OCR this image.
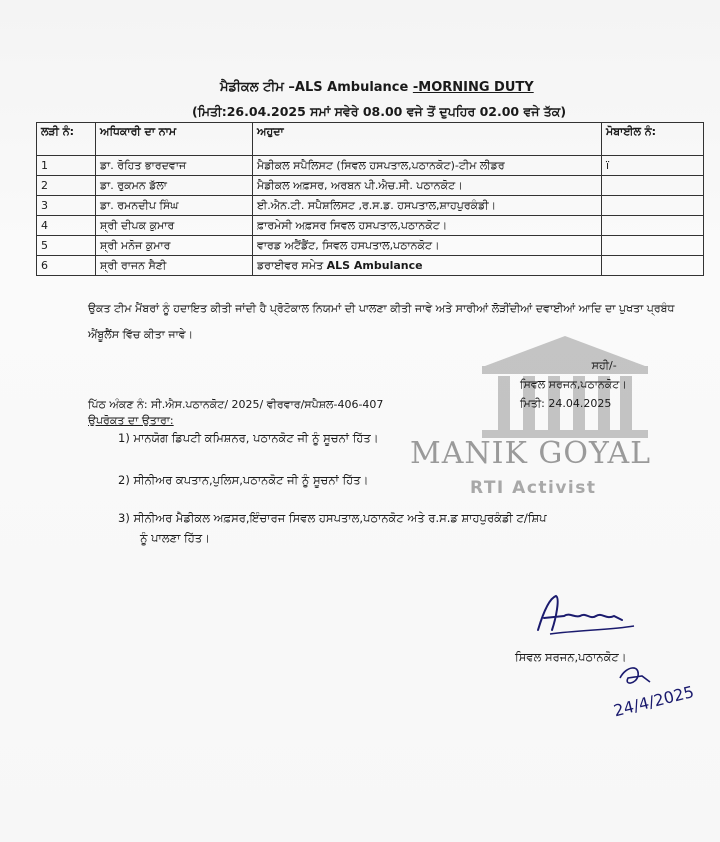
ਮੈਡੀਕਲ ਟੀਮ –ALS Ambulance -MORNING DUTY
(ਮਿਤੀ:26.04.2025 ਸਮਾਂ ਸਵੇਰੇ 08.00 ਵਜੇ ਤੋਂ ਦੁਪਹਿਰ 02.00 ਵਜੇ ਤੱਕ)
ਲੜੀ ਨੰ:	ਅਧਿਕਾਰੀ ਦਾ ਨਾਮ	ਅਹੁਦਾ	ਮੋਬਾਈਲ ਨੰ:
1	ਡਾ. ਰੋਹਿਤ ਭਾਰਦਵਾਜ	ਮੈਡੀਕਲ ਸਪੈਲਿਸਟ (ਸਿਵਲ ਹਸਪਤਾਲ,ਪਠਾਨਕੋਟ)-ਟੀਮ ਲੀਡਰ	ï
2	ਡਾ. ਰੁਕਮਨ ਡੱਲਾ	ਮੈਡੀਕਲ ਅਫ਼ਸਰ, ਅਰਬਨ ਪੀ.ਐਚ.ਸੀ. ਪਠਾਨਕੋਟ।	
3	ਡਾ. ਰਮਨਦੀਪ ਸਿੰਘ	ਈ.ਐਨ.ਟੀ. ਸਪੈਸ਼ਲਿਸਟ ,ਰ.ਸ.ਡ. ਹਸਪਤਾਲ,ਸ਼ਾਹਪੁਰਕੰਡੀ।	
4	ਸ਼੍ਰੀ ਦੀਪਕ ਕੁਮਾਰ	ਫ਼ਾਰਮੇਸੀ ਅਫ਼ਸਰ ਸਿਵਲ ਹਸਪਤਾਲ,ਪਠਾਨਕੋਟ।	
5	ਸ਼੍ਰੀ ਮਨੋਜ ਕੁਮਾਰ	ਵਾਰਡ ਅਟੈਂਡੈਂਟ, ਸਿਵਲ ਹਸਪਤਾਲ,ਪਠਾਨਕੋਟ।	
6	ਸ਼੍ਰੀ ਰਾਜਨ ਸੈਣੀ	ਡਰਾਈਵਰ ਸਮੇਤ ALS Ambulance	
ਉਕਤ ਟੀਮ ਮੈਂਬਰਾਂ ਨੂੰ ਹਦਾਇਤ ਕੀਤੀ ਜਾਂਦੀ ਹੈ ਪ੍ਰੋਟੋਕਾਲ ਨਿਯਮਾਂ ਦੀ ਪਾਲਣਾ ਕੀਤੀ ਜਾਵੇ ਅਤੇ ਸਾਰੀਆਂ ਲੋੜੀਂਦੀਆਂ ਦਵਾਈਆਂ ਆਦਿ ਦਾ ਪੁਖਤਾ ਪ੍ਰਬੰਧ ਐਂਬੂਲੈਂਸ ਵਿੱਚ ਕੀਤਾ ਜਾਵੇ।
MANIK GOYAL
RTI Activist
ਸਹੀ/-
ਸਿਵਲ ਸਰਜਨ,ਪਠਾਨਕੋਟ।
ਮਿਤੀ: 24.04.2025
ਪਿੱਠ ਅੰਕਣ ਨੰ: ਸੀ.ਐਸ.ਪਠਾਨਕੋਟ/ 2025/ ਵੀਰਵਾਰ/ਸਪੈਸ਼ਲ-406-407
ਉਪਰੋਕਤ ਦਾ ਉਤਾਰਾ:
1) ਮਾਨਯੋਗ ਡਿਪਟੀ ਕਮਿਸ਼ਨਰ, ਪਠਾਨਕੋਟ ਜੀ ਨੂੰ ਸੂਚਨਾਂ ਹਿੱਤ।
2) ਸੀਨੀਅਰ ਕਪਤਾਨ,ਪੁਲਿਸ,ਪਠਾਨਕੋਟ ਜੀ ਨੂੰ ਸੂਚਨਾਂ ਹਿੱਤ।
3) ਸੀਨੀਅਰ ਮੈਡੀਕਲ ਅਫ਼ਸਰ,ਇੰਚਾਰਜ ਸਿਵਲ ਹਸਪਤਾਲ,ਪਠਾਨਕੋਟ ਅਤੇ ਰ.ਸ.ਡ ਸ਼ਾਹਪੁਰਕੰਡੀ ਟ/ਸ਼ਿਪ
ਨੂੰ ਪਾਲਣਾ ਹਿੱਤ।
ਸਿਵਲ ਸਰਜਨ,ਪਠਾਨਕੋਟ।
24/4/2025
